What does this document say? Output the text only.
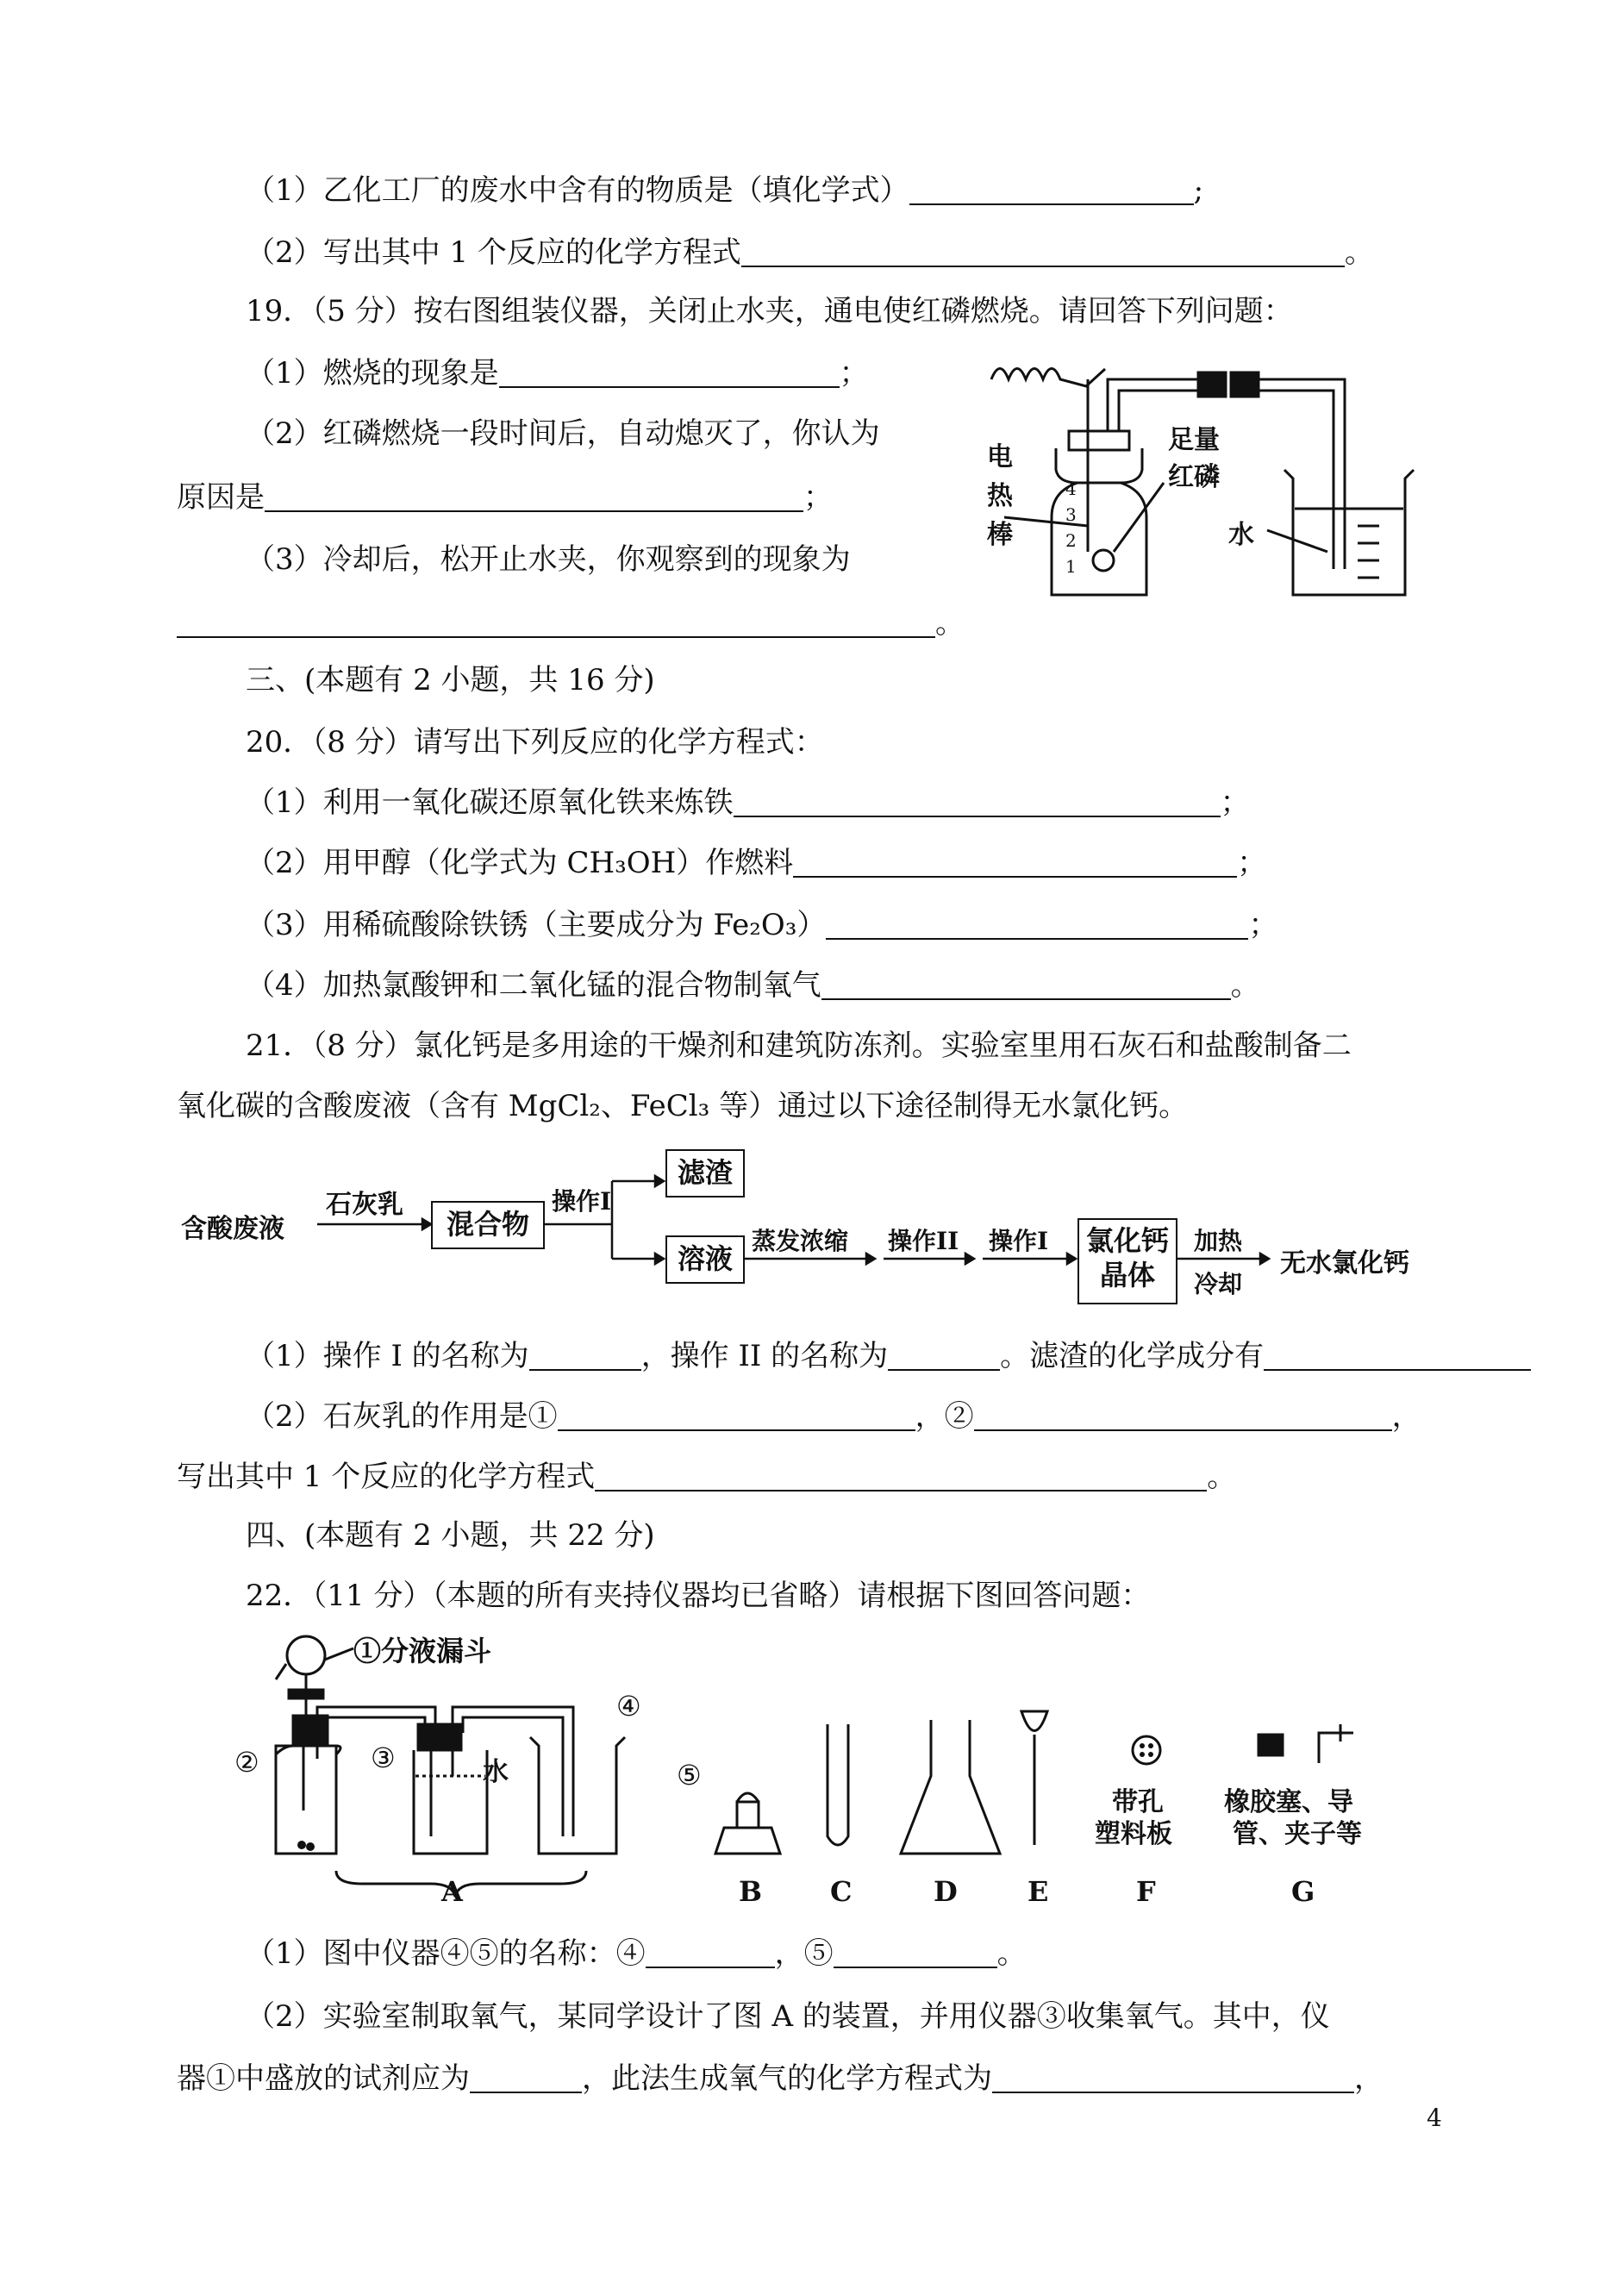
（1）乙化工厂的废水中含有的物质是（填化学式）	;
（2）写出其中 1 个反应的化学方程式	。
19．（5 分）按右图组装仪器，关闭止水夹，通电使红磷燃烧。请回答下列问题：
（1）燃烧的现象是	；
（2）红磷燃烧一段时间后，自动熄灭了，你认为
原因是	；
（3）冷却后，松开止水夹，你观察到的现象为
。
电
热
棒
足量
红磷
水
4
3
2
1
三、(本题有 2 小题，共 16 分)
20．（8 分）请写出下列反应的化学方程式：
（1）利用一氧化碳还原氧化铁来炼铁	；
（2）用甲醇（化学式为 CH₃OH）作燃料	；
（3）用稀硫酸除铁锈（主要成分为 Fe₂O₃）	；
（4）加热氯酸钾和二氧化锰的混合物制氧气	。
21．（8 分）氯化钙是多用途的干燥剂和建筑防冻剂。实验室里用石灰石和盐酸制备二
氧化碳的含酸废液（含有 MgCl₂、FeCl₃ 等）通过以下途径制得无水氯化钙。
含酸废液
石灰乳
混合物
操作I
滤渣
溶液
蒸发浓缩 操作II 操作I 氯化钙
晶体
加热
冷却
无水氯化钙
（1）操作 I 的名称为	，操作 II 的名称为	。滤渣的化学成分有
（2）石灰乳的作用是①	，②	，
写出其中 1 个反应的化学方程式	。
四、(本题有 2 小题，共 22 分)
22．（11 分）（本题的所有夹持仪器均已省略）请根据下图回答问题：
①分液漏斗
②	③
④
⑤
水
带孔
塑料板
橡胶塞、导
管、夹子等
A	B C	D	E	F	G
（1）图中仪器④⑤的名称：④	，⑤	。
（2）实验室制取氧气，某同学设计了图 A 的装置，并用仪器③收集氧气。其中，仪
器①中盛放的试剂应为	，此法生成氧气的化学方程式为	，
4
